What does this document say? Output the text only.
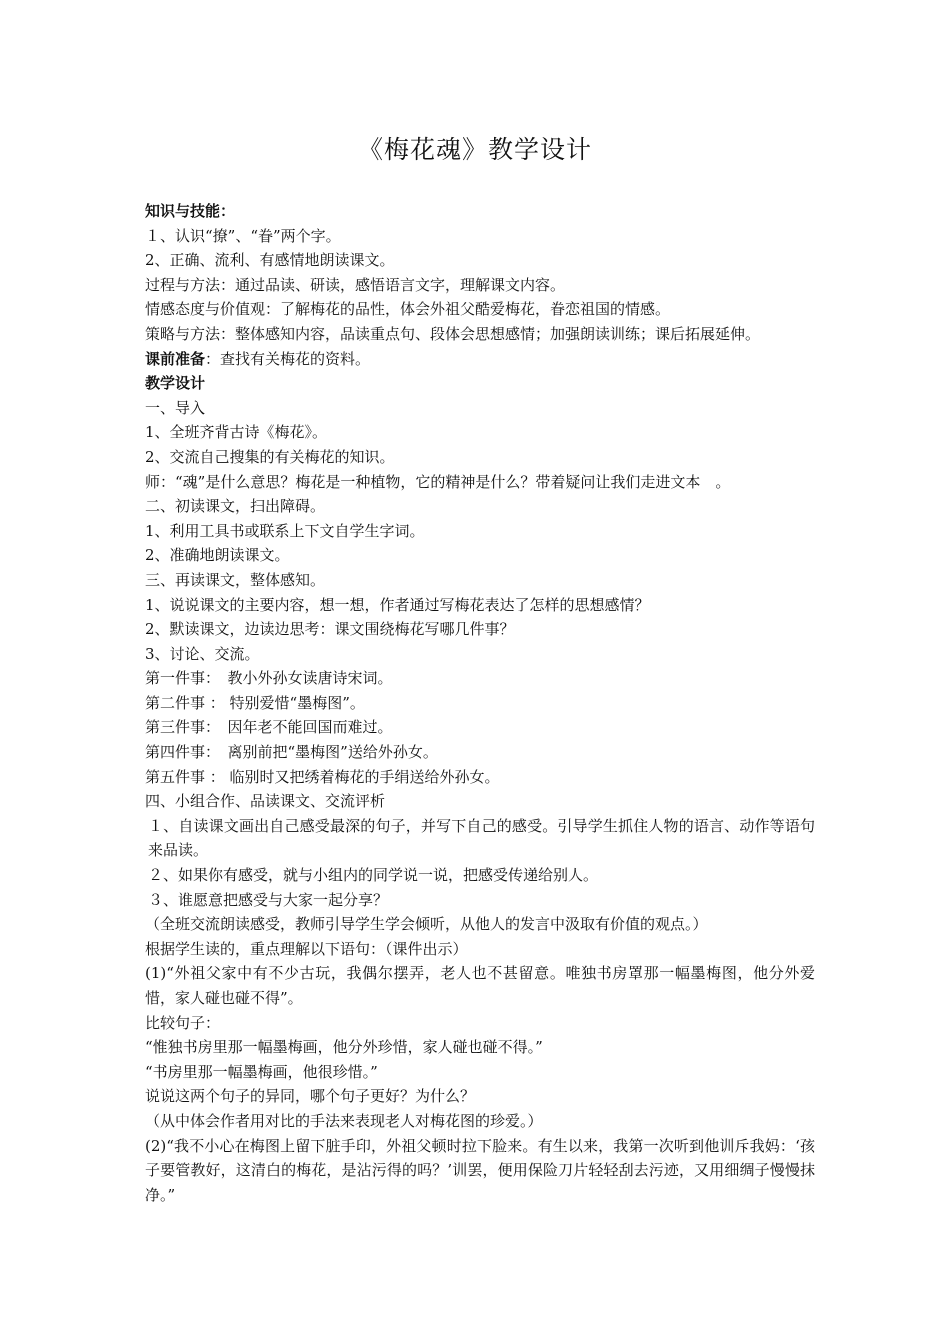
《梅花魂》教学设计

知识与技能：

１、认识“撩”、“眷”两个字。

2、正确、流利、有感情地朗读课文。

过程与方法：通过品读、研读，感悟语言文字，理解课文内容。

情感态度与价值观：了解梅花的品性，体会外祖父酷爱梅花，眷恋祖国的情感。

策略与方法：整体感知内容，品读重点句、段体会思想感情；加强朗读训练；课后拓展延伸。

课前准备：查找有关梅花的资料。

教学设计

一、导入

1、全班齐背古诗《梅花》。

2、交流自己搜集的有关梅花的知识。

师：“魂”是什么意思？梅花是一种植物，它的精神是什么？带着疑问让我们走进文本　。

二、初读课文，扫出障碍。

1、利用工具书或联系上下文自学生字词。

2、准确地朗读课文。

三、再读课文，整体感知。

1、说说课文的主要内容，想一想，作者通过写梅花表达了怎样的思想感情？

2、默读课文，边读边思考：课文围绕梅花写哪几件事？

3、讨论、交流。

第一件事：　教小外孙女读唐诗宋词。

第二件事 ： 特别爱惜“墨梅图”。

第三件事：　因年老不能回国而难过。

第四件事：　离别前把“墨梅图”送给外孙女。

第五件事 ： 临别时又把绣着梅花的手绢送给外孙女。

四、小组合作、品读课文、交流评析

１、自读课文画出自己感受最深的句子，并写下自己的感受。引导学生抓住人物的语言、动作等语句来品读。

２、如果你有感受，就与小组内的同学说一说，把感受传递给别人。

３、谁愿意把感受与大家一起分享？

（全班交流朗读感受，教师引导学生学会倾听，从他人的发言中汲取有价值的观点。）

根据学生读的，重点理解以下语句：（课件出示）

(1)“外祖父家中有不少古玩，我偶尔摆弄，老人也不甚留意。唯独书房罩那一幅墨梅图，他分外爱惜，家人碰也碰不得”。

比较句子：

“惟独书房里那一幅墨梅画，他分外珍惜，家人碰也碰不得。”

“书房里那一幅墨梅画，他很珍惜。”

说说这两个句子的异同，哪个句子更好？为什么？

（从中体会作者用对比的手法来表现老人对梅花图的珍爱。）

(2)“我不小心在梅图上留下脏手印，外祖父顿时拉下脸来。有生以来，我第一次听到他训斥我妈：‘孩子要管教好，这清白的梅花，是沾污得的吗？’训罢，便用保险刀片轻轻刮去污迹，又用细绸子慢慢抹净。”
